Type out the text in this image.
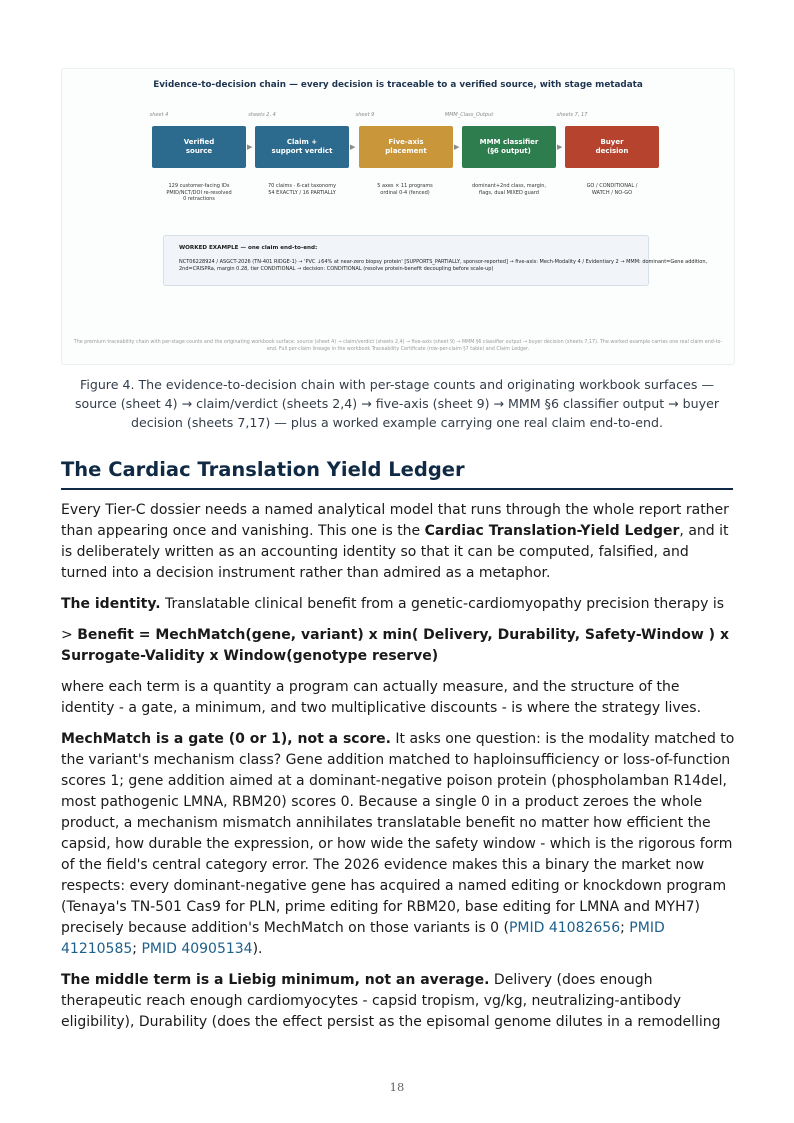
Evidence-to-decision chain — every decision is traceable to a verified source, with stage metadata
sheet 4	sheets 2, 4	sheet 9	MMM_Class_Output	sheets 7, 17
Verified
source
Claim +
support verdict
Five-axis
placement
MMM classifier
(§6 output)
Buyer
decision
▶	▶	▶	▶
129 customer-facing IDs
PMID/NCT/DOI re-resolved
0 retractions
70 claims · 6-cat taxonomy
54 EXACTLY / 16 PARTIALLY
5 axes × 11 programs
ordinal 0-4 (fenced)
dominant+2nd class, margin,
flags, dual MIXED guard
GO / CONDITIONAL /
WATCH / NO-GO
WORKED EXAMPLE — one claim end-to-end:
NCT06228924 / ASGCT-2026 (TN-401 RIDGE-1) → 'PVC ↓64% at near-zero biopsy protein' [SUPPORTS_PARTIALLY, sponsor-reported] → five-axis: Mech-Modality 4 / Evidentiary 2 → MMM: dominant=Gene addition, 2nd=CRISPRa, margin 0.28, tier CONDITIONAL → decision: CONDITIONAL (resolve protein-benefit decoupling before scale-up)
The premium traceability chain with per-stage counts and the originating workbook surface: source (sheet 4) → claim/verdict (sheets 2,4) → five-axis (sheet 9) → MMM §6 classifier output → buyer decision (sheets 7,17). The worked example carries one real claim end-to-end. Full per-claim lineage in the workbook Traceability Certificate (row-per-claim §7 table) and Claim Ledger.
Figure 4. The evidence-to-decision chain with per-stage counts and originating workbook surfaces — source (sheet 4) → claim/verdict (sheets 2,4) → five-axis (sheet 9) → MMM §6 classifier output → buyer decision (sheets 7,17) — plus a worked example carrying one real claim end-to-end.
The Cardiac Translation Yield Ledger

Every Tier-C dossier needs a named analytical model that runs through the whole report rather than appearing once and vanishing. This one is the Cardiac Translation-Yield Ledger, and it is deliberately written as an accounting identity so that it can be computed, falsified, and turned into a decision instrument rather than admired as a metaphor.

The identity. Translatable clinical benefit from a genetic-cardiomyopathy precision therapy is

> Benefit = MechMatch(gene, variant) x min( Delivery, Durability, Safety-Window ) x Surrogate-Validity x Window(genotype reserve)

where each term is a quantity a program can actually measure, and the structure of the identity - a gate, a minimum, and two multiplicative discounts - is where the strategy lives.

MechMatch is a gate (0 or 1), not a score. It asks one question: is the modality matched to the variant's mechanism class? Gene addition matched to haploinsufficiency or loss-of-function scores 1; gene addition aimed at a dominant-negative poison protein (phospholamban R14del, most pathogenic LMNA, RBM20) scores 0. Because a single 0 in a product zeroes the whole product, a mechanism mismatch annihilates translatable benefit no matter how efficient the capsid, how durable the expression, or how wide the safety window - which is the rigorous form of the field's central category error. The 2026 evidence makes this a binary the market now respects: every dominant-negative gene has acquired a named editing or knockdown program (Tenaya's TN-501 Cas9 for PLN, prime editing for RBM20, base editing for LMNA and MYH7) precisely because addition's MechMatch on those variants is 0 (PMID 41082656; PMID 41210585; PMID 40905134).

The middle term is a Liebig minimum, not an average. Delivery (does enough therapeutic reach enough cardiomyocytes - capsid tropism, vg/kg, neutralizing-antibody eligibility), Durability (does the effect persist as the episomal genome dilutes in a remodelling

18
